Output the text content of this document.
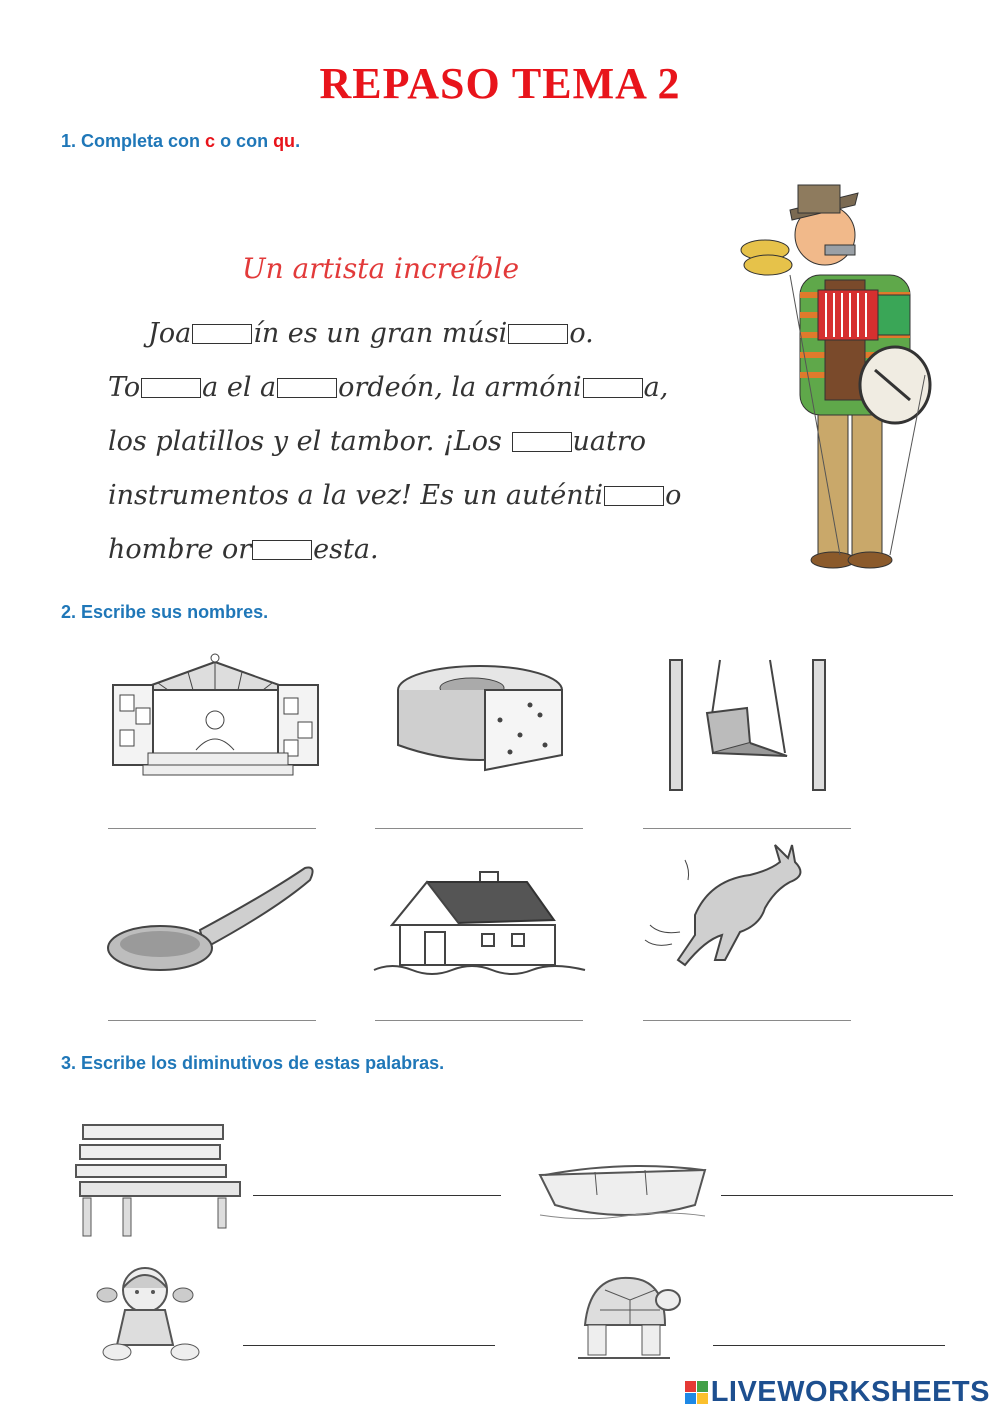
REPASO TEMA 2
1. Completa con c o con qu.
Un artista increíble
Joa ín es un gran músi o.
To a el a ordeón, la armóni a,
los platillos y el tambor. ¡Los uatro
instrumentos a la vez! Es un auténti o
hombre or esta.
2. Escribe sus nombres.
3. Escribe los diminutivos de estas palabras.
LIVEWORKSHEETS
